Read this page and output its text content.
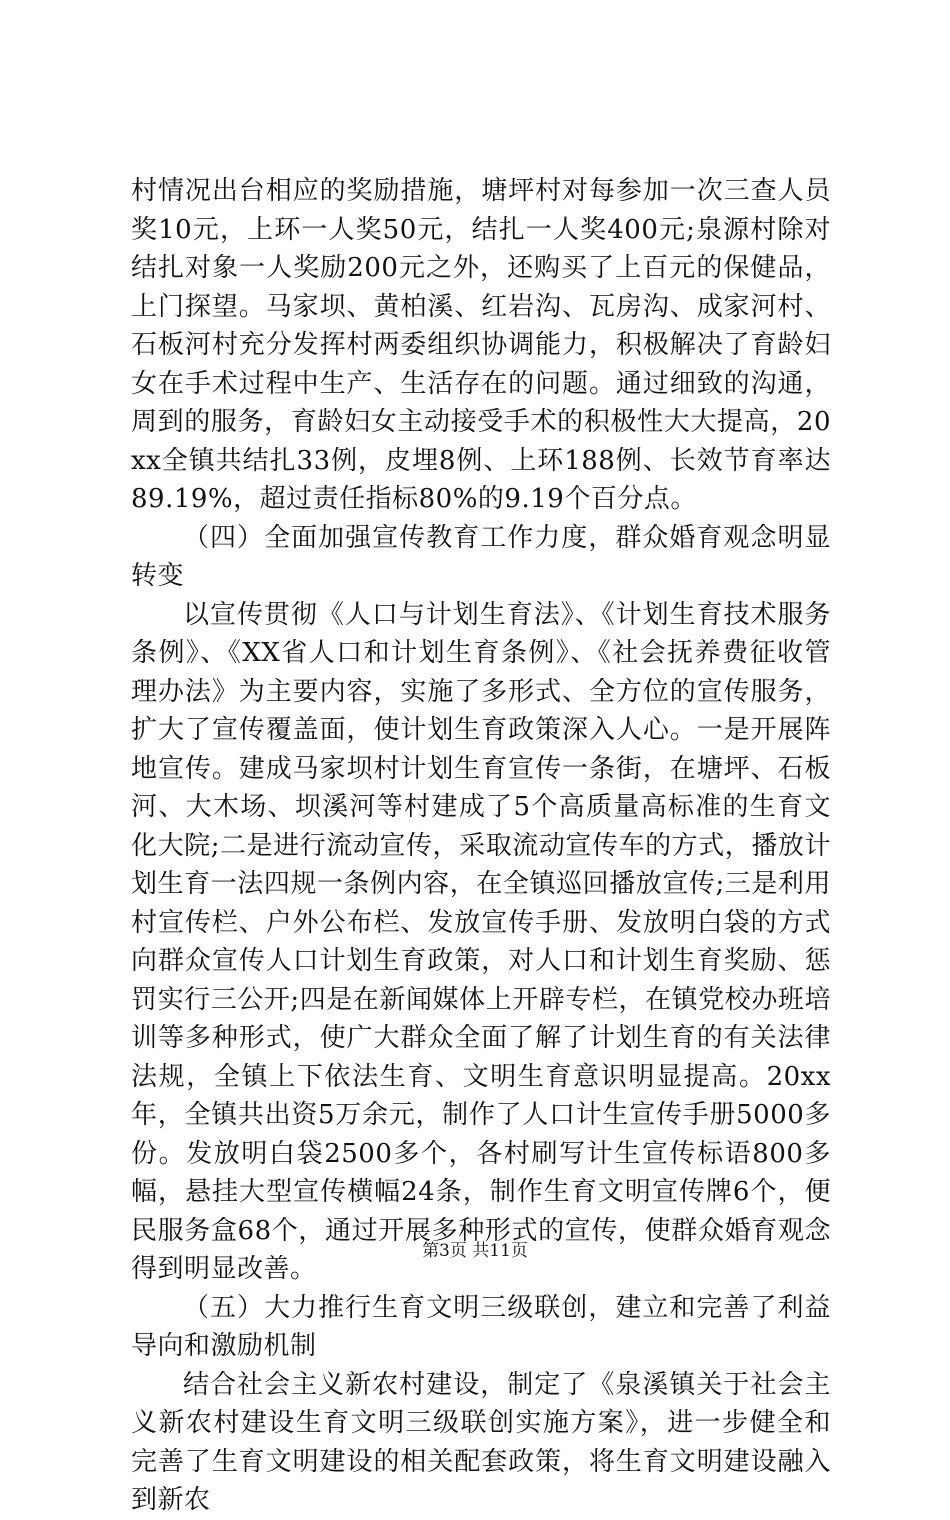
村情况出台相应的奖励措施，塘坪村对每参加一次三查人员奖10元，上环一人奖50元，结扎一人奖400元;泉源村除对结扎对象一人奖励200元之外，还购买了上百元的保健品，上门探望。马家坝、黄柏溪、红岩沟、瓦房沟、成家河村、石板河村充分发挥村两委组织协调能力，积极解决了育龄妇女在手术过程中生产、生活存在的问题。通过细致的沟通，周到的服务，育龄妇女主动接受手术的积极性大大提高，20xx全镇共结扎33例，皮埋8例、上环188例、长效节育率达89.19%，超过责任指标80%的9.19个百分点。

（四）全面加强宣传教育工作力度，群众婚育观念明显转变

以宣传贯彻《人口与计划生育法》、《计划生育技术服务条例》、《XX省人口和计划生育条例》、《社会抚养费征收管理办法》为主要内容，实施了多形式、全方位的宣传服务，扩大了宣传覆盖面，使计划生育政策深入人心。一是开展阵地宣传。建成马家坝村计划生育宣传一条街，在塘坪、石板河、大木场、坝溪河等村建成了5个高质量高标准的生育文化大院;二是进行流动宣传，采取流动宣传车的方式，播放计划生育一法四规一条例内容，在全镇巡回播放宣传;三是利用村宣传栏、户外公布栏、发放宣传手册、发放明白袋的方式向群众宣传人口计划生育政策，对人口和计划生育奖励、惩罚实行三公开;四是在新闻媒体上开辟专栏，在镇党校办班培训等多种形式，使广大群众全面了解了计划生育的有关法律法规，全镇上下依法生育、文明生育意识明显提高。20xx年，全镇共出资5万余元，制作了人口计生宣传手册5000多份。发放明白袋2500多个，各村刷写计生宣传标语800多幅，悬挂大型宣传横幅24条，制作生育文明宣传牌6个，便民服务盒68个，通过开展多种形式的宣传，使群众婚育观念得到明显改善。

（五）大力推行生育文明三级联创，建立和完善了利益导向和激励机制

结合社会主义新农村建设，制定了《泉溪镇关于社会主义新农村建设生育文明三级联创实施方案》，进一步健全和完善了生育文明建设的相关配套政策，将生育文明建设融入到新农

第3页 共11页
